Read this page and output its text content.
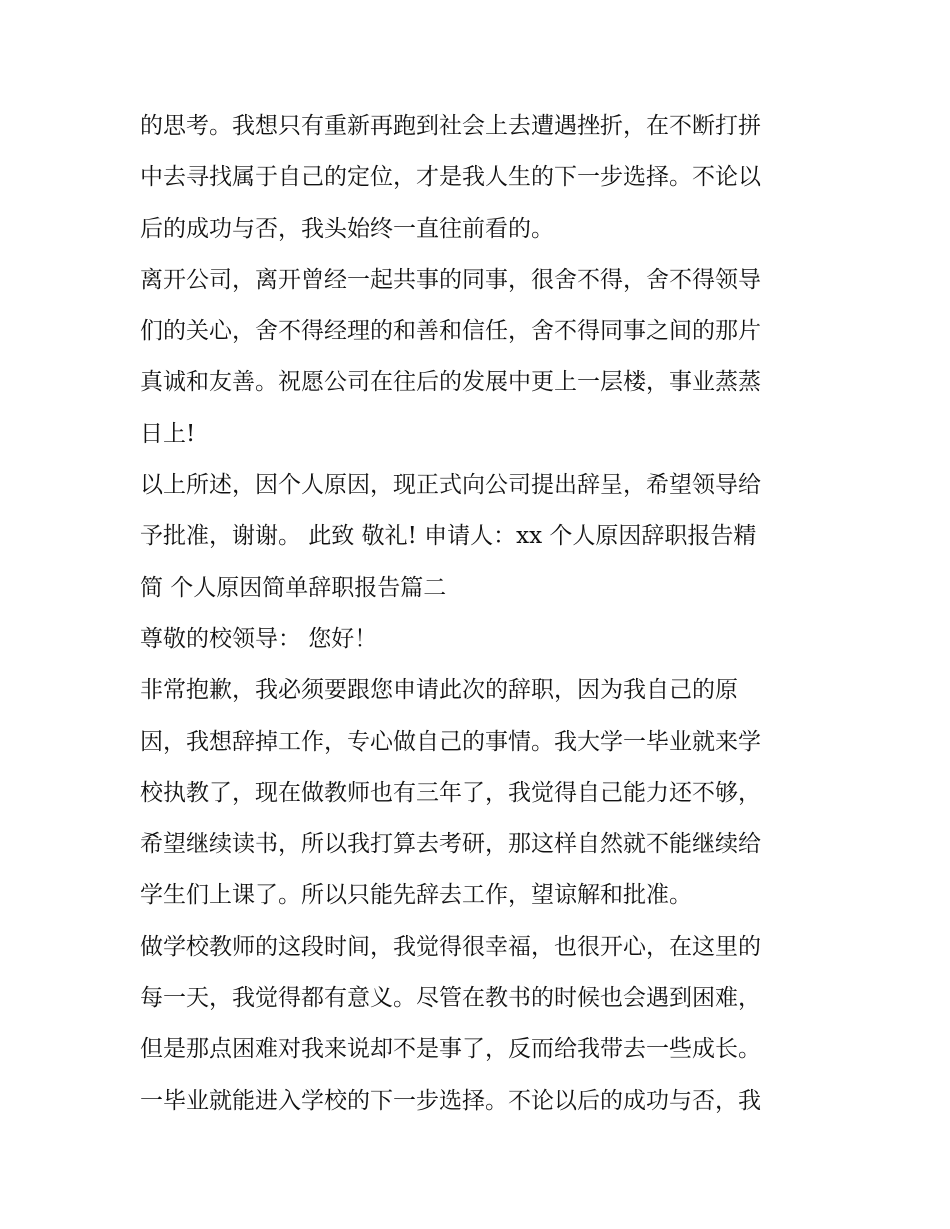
的思考。我想只有重新再跑到社会上去遭遇挫折，在不断打拼
中去寻找属于自己的定位，才是我人生的下一步选择。不论以
后的成功与否，我头始终一直往前看的。
离开公司，离开曾经一起共事的同事，很舍不得，舍不得领导
们的关心，舍不得经理的和善和信任，舍不得同事之间的那片
真诚和友善。祝愿公司在往后的发展中更上一层楼，事业蒸蒸
日上!
以上所述，因个人原因，现正式向公司提出辞呈，希望领导给
予批准，谢谢。 此致 敬礼! 申请人：xx 个人原因辞职报告精
简 个人原因简单辞职报告篇二
尊敬的校领导： 您好！
非常抱歉，我必须要跟您申请此次的辞职，因为我自己的原
因，我想辞掉工作，专心做自己的事情。我大学一毕业就来学
校执教了，现在做教师也有三年了，我觉得自己能力还不够，
希望继续读书，所以我打算去考研，那这样自然就不能继续给
学生们上课了。所以只能先辞去工作，望谅解和批准。
做学校教师的这段时间，我觉得很幸福，也很开心，在这里的
每一天，我觉得都有意义。尽管在教书的时候也会遇到困难，
但是那点困难对我来说却不是事了，反而给我带去一些成长。
一毕业就能进入学校的下一步选择。不论以后的成功与否，我
